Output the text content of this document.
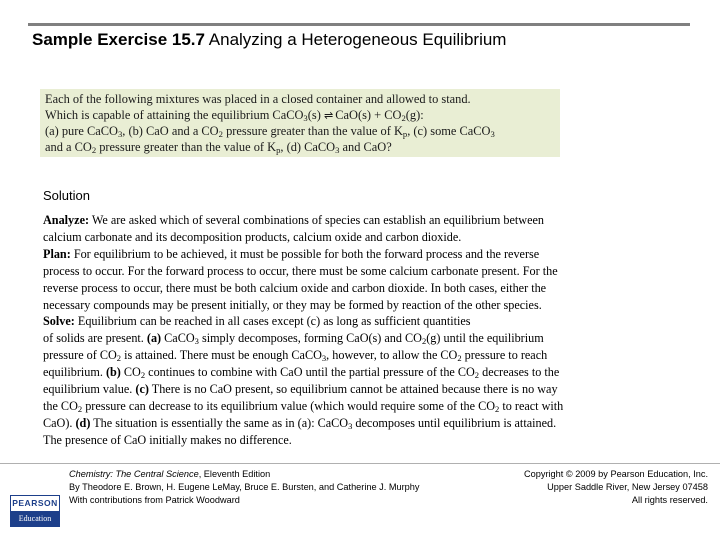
Sample Exercise 15.7 Analyzing a Heterogeneous Equilibrium

Each of the following mixtures was placed in a closed container and allowed to stand.

Which is capable of attaining the equilibrium CaCO$_3$(s) ⇌ $CaO(s) + CO_2(g)$:

(a) pure CaCO$_3$, (b) CaO and a $CO_2$ pressure greater than the value of $K_p$, (c) some CaCO$_3$

and a $CO_2$ pressure greater than the value of $K_p$, (d) CaCO$_3$ and CaO?

Solution
Analyze: We are asked which of several combinations of species can establish an equilibrium between
calcium carbonate and its decomposition products, calcium oxide and carbon dioxide.
Plan: For equilibrium to be achieved, it must be possible for both the forward process and the reverse
process to occur. For the forward process to occur, there must be some calcium carbonate present. For the
reverse process to occur, there must be both calcium oxide and carbon dioxide. In both cases, either the
necessary compounds may be present initially, or they may be formed by reaction of the other species.
Solve: Equilibrium can be reached in all cases except (c) as long as sufficient quantities
of solids are present. (a) CaCO$_3$ simply decomposes, forming CaO(s) and $CO_2(g)$ until the equilibrium
pressure of $CO_2$ is attained. There must be enough CaCO$_3$, however, to allow the $CO_2$ pressure to reach
equilibrium. (b) $CO_2$ continues to combine with CaO until the partial pressure of the $CO_2$ decreases to the
equilibrium value. (c) There is no CaO present, so equilibrium cannot be attained because there is no way
the $CO_2$ pressure can decrease to its equilibrium value (which would require some of the $CO_2$ to react with
CaO). (d) The situation is essentially the same as in (a): CaCO$_3$ decomposes until equilibrium is attained.
The presence of CaO initially makes no difference.
PEARSON
Education
Chemistry: The Central Science, Eleventh Edition
By Theodore E. Brown, H. Eugene LeMay, Bruce E. Bursten, and Catherine J. Murphy
With contributions from Patrick Woodward
Copyright © 2009 by Pearson Education, Inc.
Upper Saddle River, New Jersey 07458
All rights reserved.
